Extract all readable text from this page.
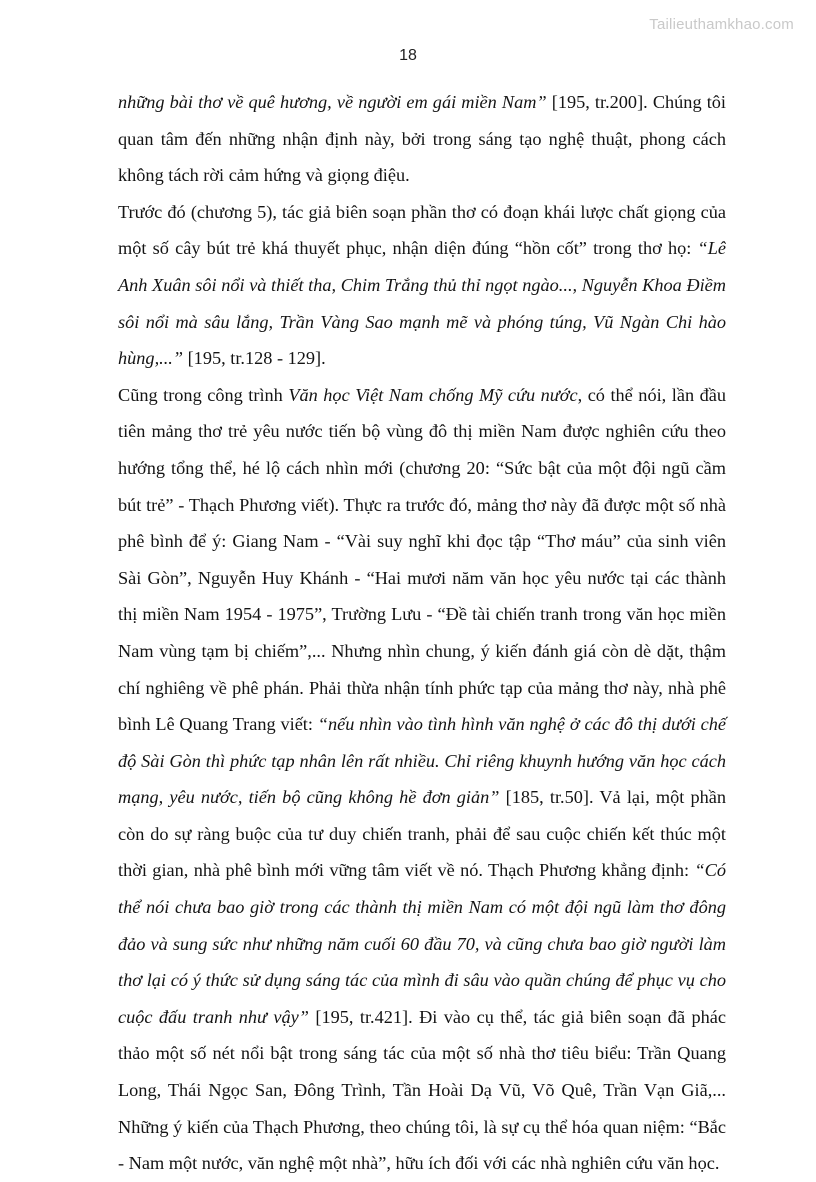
Tailieuthamkhao.com
18

những bài thơ về quê hương, về người em gái miền Nam” [195, tr.200]. Chúng tôi quan tâm đến những nhận định này, bởi trong sáng tạo nghệ thuật, phong cách không tách rời cảm hứng và giọng điệu.

Trước đó (chương 5), tác giả biên soạn phần thơ có đoạn khái lược chất giọng của một số cây bút trẻ khá thuyết phục, nhận diện đúng “hồn cốt” trong thơ họ: “Lê Anh Xuân sôi nổi và thiết tha, Chim Trắng thủ thỉ ngọt ngào..., Nguyễn Khoa Điềm sôi nổi mà sâu lắng, Trần Vàng Sao mạnh mẽ và phóng túng, Vũ Ngàn Chi hào hùng,...” [195, tr.128 - 129].

Cũng trong công trình Văn học Việt Nam chống Mỹ cứu nước, có thể nói, lần đầu tiên mảng thơ trẻ yêu nước tiến bộ vùng đô thị miền Nam được nghiên cứu theo hướng tổng thể, hé lộ cách nhìn mới (chương 20: “Sức bật của một đội ngũ cầm bút trẻ” - Thạch Phương viết). Thực ra trước đó, mảng thơ này đã được một số nhà phê bình để ý: Giang Nam - “Vài suy nghĩ khi đọc tập “Thơ máu” của sinh viên Sài Gòn”, Nguyễn Huy Khánh - “Hai mươi năm văn học yêu nước tại các thành thị miền Nam 1954 - 1975”, Trường Lưu - “Đề tài chiến tranh trong văn học miền Nam vùng tạm bị chiếm”,... Nhưng nhìn chung, ý kiến đánh giá còn dè dặt, thậm chí nghiêng về phê phán. Phải thừa nhận tính phức tạp của mảng thơ này, nhà phê bình Lê Quang Trang viết: “nếu nhìn vào tình hình văn nghệ ở các đô thị dưới chế độ Sài Gòn thì phức tạp nhân lên rất nhiều. Chỉ riêng khuynh hướng văn học cách mạng, yêu nước, tiến bộ cũng không hề đơn giản” [185, tr.50]. Vả lại, một phần còn do sự ràng buộc của tư duy chiến tranh, phải để sau cuộc chiến kết thúc một thời gian, nhà phê bình mới vững tâm viết về nó. Thạch Phương khẳng định: “Có thể nói chưa bao giờ trong các thành thị miền Nam có một đội ngũ làm thơ đông đảo và sung sức như những năm cuối 60 đầu 70, và cũng chưa bao giờ người làm thơ lại có ý thức sử dụng sáng tác của mình đi sâu vào quần chúng để phục vụ cho cuộc đấu tranh như vậy” [195, tr.421]. Đi vào cụ thể, tác giả biên soạn đã phác thảo một số nét nổi bật trong sáng tác của một số nhà thơ tiêu biểu: Trần Quang Long, Thái Ngọc San, Đông Trình, Tần Hoài Dạ Vũ, Võ Quê, Trần Vạn Giã,... Những ý kiến của Thạch Phương, theo chúng tôi, là sự cụ thể hóa quan niệm: “Bắc - Nam một nước, văn nghệ một nhà”, hữu ích đối với các nhà nghiên cứu văn học.
